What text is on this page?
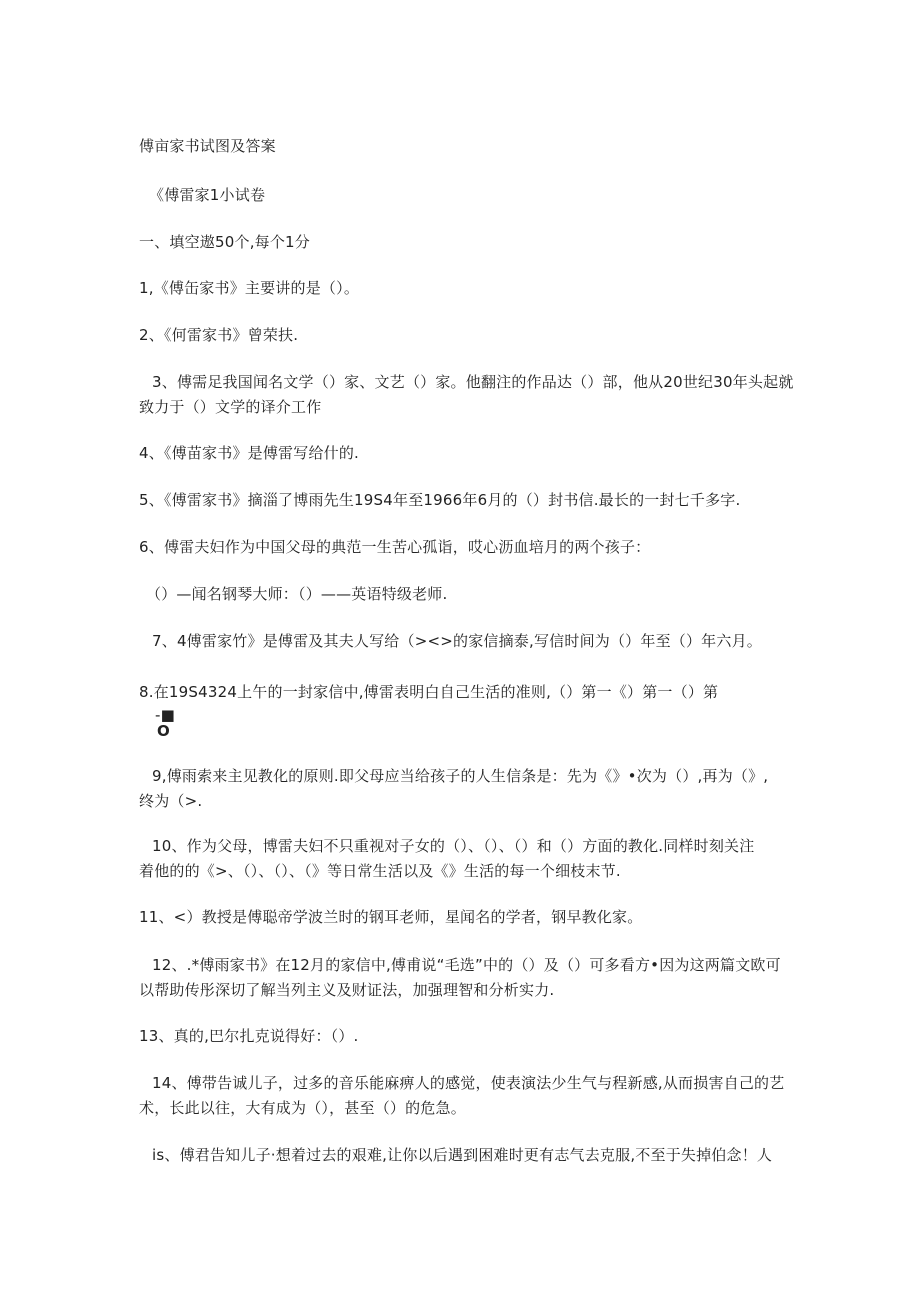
傅亩家书试图及答案
《傅雷家1小试卷
一、填空遨50个,每个1分
1,《傅缶家书》主要讲的是（）。
2、《何雷家书》曾荣扶.
3、傅需足我国闻名文学（）家、文艺（）家。他翻注的作品达（）部，他从20世纪30年头起就
致力于（）文学的译介工作
4、《傅苗家书》是傅雷写给什的.
5、《傅雷家书》摘淄了博雨先生19S4年至1966年6月的（）封书信.最长的一封七千多字.
6、傅雷夫妇作为中国父母的典范一生苦心孤诣，哎心沥血培月的两个孩子：
（）—闻名钢琴大师：（）——英语特级老师.
7、4傅雷家竹》是傅雷及其夫人写给（><>的家信摘泰,写信时间为（）年至（）年六月。
8.在19S4324上午的一封家信中,傅雷表明白自己生活的准则,（）第一《）第一（）第
-■
O
9,傅雨索来主见教化的原则.即父母应当给孩子的人生信条是：先为《》•次为（）,再为（》,
终为（>.
10、作为父母，博雷夫妇不只重视对子女的（）、（）、（）和（）方面的教化.同样时刻关注
着他的的《>、（）、（）、（》等日常生活以及《》生活的每一个细枝末节.
11、<）教授是傅聪帝学波兰时的钢耳老师，星闻名的学者，钢早教化家。
12、.*傅雨家书》在12月的家信中,傅甫说“毛选”中的（）及（）可多看方•因为这两篇文欧可
以帮助传彤深切了解当列主义及财证法，加强理智和分析实力.
13、真的,巴尔扎克说得好：（）.
14、傅带告诚儿子，过多的音乐能麻痹人的感觉，使表演法少生气与程新感,从而损害自己的艺
术，长此以往，大有成为（），甚至（）的危急。
is、傅君告知儿子·想着过去的艰难,让你以后遇到困难时更有志气去克服,不至于失掉伯念！人
